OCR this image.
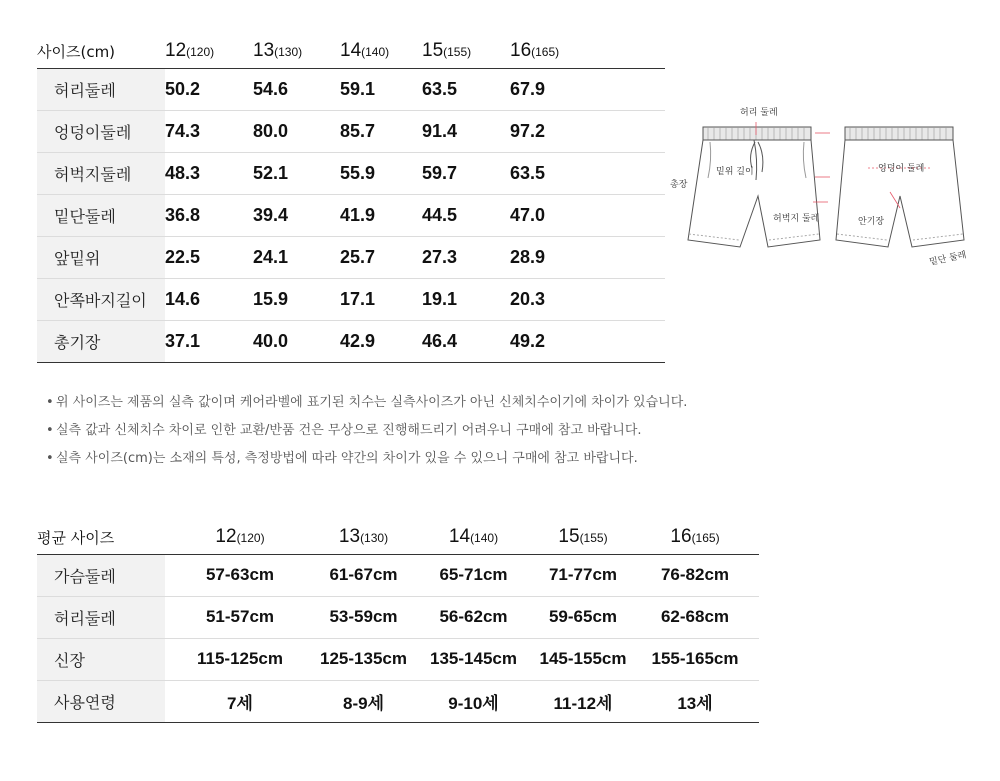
사이즈(cm)	12(120)	13(130)	14(140)	15(155)	16(165)
허리둘레	50.2	54.6	59.1	63.5	67.9
엉덩이둘레	74.3	80.0	85.7	91.4	97.2
허벅지둘레	48.3	52.1	55.9	59.7	63.5
밑단둘레	36.8	39.4	41.9	44.5	47.0
앞밑위	22.5	24.1	25.7	27.3	28.9
안쪽바지길이	14.6	15.9	17.1	19.1	20.3
총기장	37.1	40.0	42.9	46.4	49.2
허리 둘레
밑위 길이
총장
엉덩이 둘레
허벅지 둘레	안기장
밑단 둘레
• 위 사이즈는 제품의 실측 값이며 케어라벨에 표기된 치수는 실측사이즈가 아닌 신체치수이기에 차이가 있습니다.
• 실측 값과 신체치수 차이로 인한 교환/반품 건은 무상으로 진행해드리기 어려우니 구매에 참고 바랍니다.
• 실측 사이즈(cm)는 소재의 특성, 측정방법에 따라 약간의 차이가 있을 수 있으니 구매에 참고 바랍니다.
평균 사이즈	12(120)	13(130)	14(140)	15(155)	16(165)
가슴둘레	57-63cm	61-67cm	65-71cm	71-77cm	76-82cm
허리둘레	51-57cm	53-59cm	56-62cm	59-65cm	62-68cm
신장	115-125cm	125-135cm	135-145cm	145-155cm	155-165cm
사용연령	7세	8-9세	9-10세	11-12세	13세
